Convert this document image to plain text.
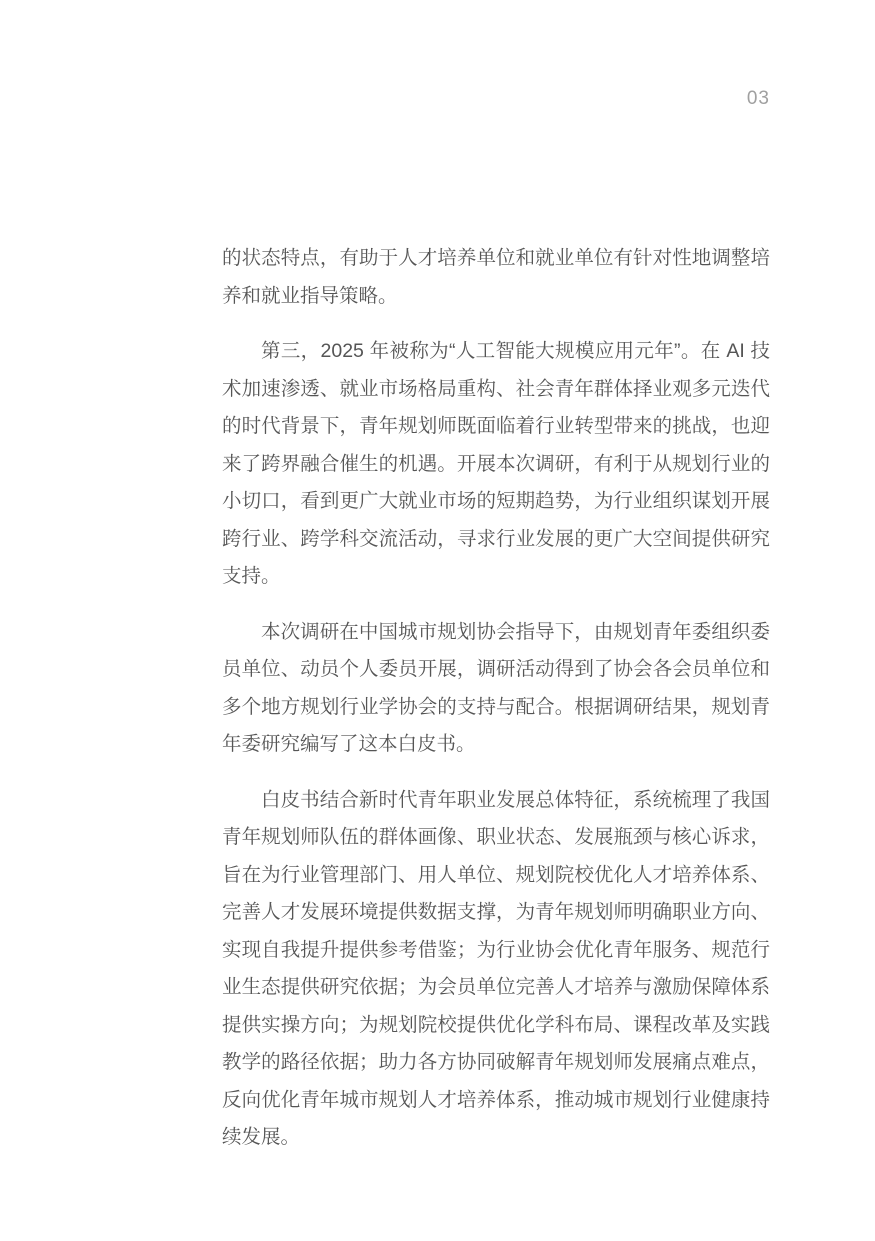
03

的状态特点，有助于人才培养单位和就业单位有针对性地调整培养和就业指导策略。

第三，2025 年被称为“人工智能大规模应用元年”。在 AI 技术加速渗透、就业市场格局重构、社会青年群体择业观多元迭代的时代背景下，青年规划师既面临着行业转型带来的挑战，也迎来了跨界融合催生的机遇。开展本次调研，有利于从规划行业的小切口，看到更广大就业市场的短期趋势，为行业组织谋划开展跨行业、跨学科交流活动，寻求行业发展的更广大空间提供研究支持。

本次调研在中国城市规划协会指导下，由规划青年委组织委员单位、动员个人委员开展，调研活动得到了协会各会员单位和多个地方规划行业学协会的支持与配合。根据调研结果，规划青年委研究编写了这本白皮书。

白皮书结合新时代青年职业发展总体特征，系统梳理了我国青年规划师队伍的群体画像、职业状态、发展瓶颈与核心诉求，旨在为行业管理部门、用人单位、规划院校优化人才培养体系、完善人才发展环境提供数据支撑，为青年规划师明确职业方向、实现自我提升提供参考借鉴；为行业协会优化青年服务、规范行业生态提供研究依据；为会员单位完善人才培养与激励保障体系提供实操方向；为规划院校提供优化学科布局、课程改革及实践教学的路径依据；助力各方协同破解青年规划师发展痛点难点，反向优化青年城市规划人才培养体系，推动城市规划行业健康持续发展。
